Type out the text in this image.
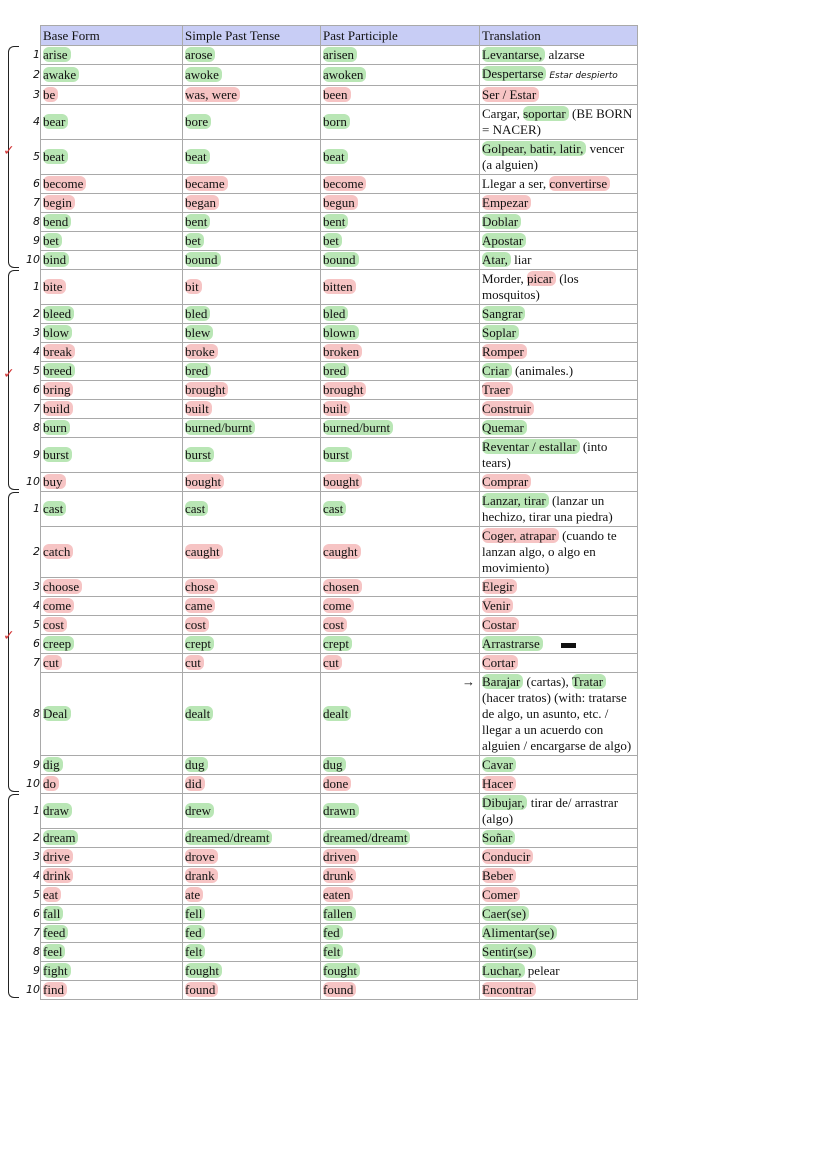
1
2
3
4
5
6
7
8
9
10
1
2
3
4
5
6
7
8
9
10
1
2
3
4
5
6
7
8
9
10
1
2
3
4
5
6
7
8
9
10
✓
✓
✓
Base Form	Simple Past Tense	Past Participle	Translation
arise	arose	arisen	Levantarse, alzarse

awake	awoke	awoken	Despertarse Estar despierto

be	was, were	been	Ser / Estar

bear	bore	born	Cargar, soportar (BE BORN = NACER)

beat	beat	beat	Golpear, batir, latir, vencer (a alguien)

become	became	become	Llegar a ser, convertirse

begin	began	begun	Empezar

bend	bent	bent	Doblar

bet	bet	bet	Apostar

bind	bound	bound	Atar, liar

bite	bit	bitten	Morder, picar (los mosquitos)

bleed	bled	bled	Sangrar

blow	blew	blown	Soplar

break	broke	broken	Romper

breed	bred	bred	Criar (animales.)

bring	brought	brought	Traer

build	built	built	Construir

burn	burned/burnt	burned/burnt	Quemar

burst	burst	burst	Reventar / estallar (into tears)

buy	bought	bought	Comprar

cast	cast	cast	Lanzar, tirar (lanzar un hechizo, tirar una piedra)

catch	caught	caught	Coger, atrapar (cuando te lanzan algo, o algo en movimiento)

choose	chose	chosen	Elegir

come	came	come	Venir

cost	cost	cost	Costar

creep	crept	crept	Arrastrarse

cut	cut	cut	Cortar

Deal	dealt	dealt	→ Barajar (cartas), Tratar (hacer tratos) (with: tratarse de algo, un asunto, etc. / llegar a un acuerdo con alguien / encargarse de algo)

dig	dug	dug	Cavar

do	did	done	Hacer

draw	drew	drawn	Dibujar, tirar de/ arrastrar (algo)

dream	dreamed/dreamt	dreamed/dreamt	Soñar

drive	drove	driven	Conducir

drink	drank	drunk	Beber

eat	ate	eaten	Comer

fall	fell	fallen	Caer(se)

feed	fed	fed	Alimentar(se)

feel	felt	felt	Sentir(se)

fight	fought	fought	Luchar, pelear

find	found	found	Encontrar
